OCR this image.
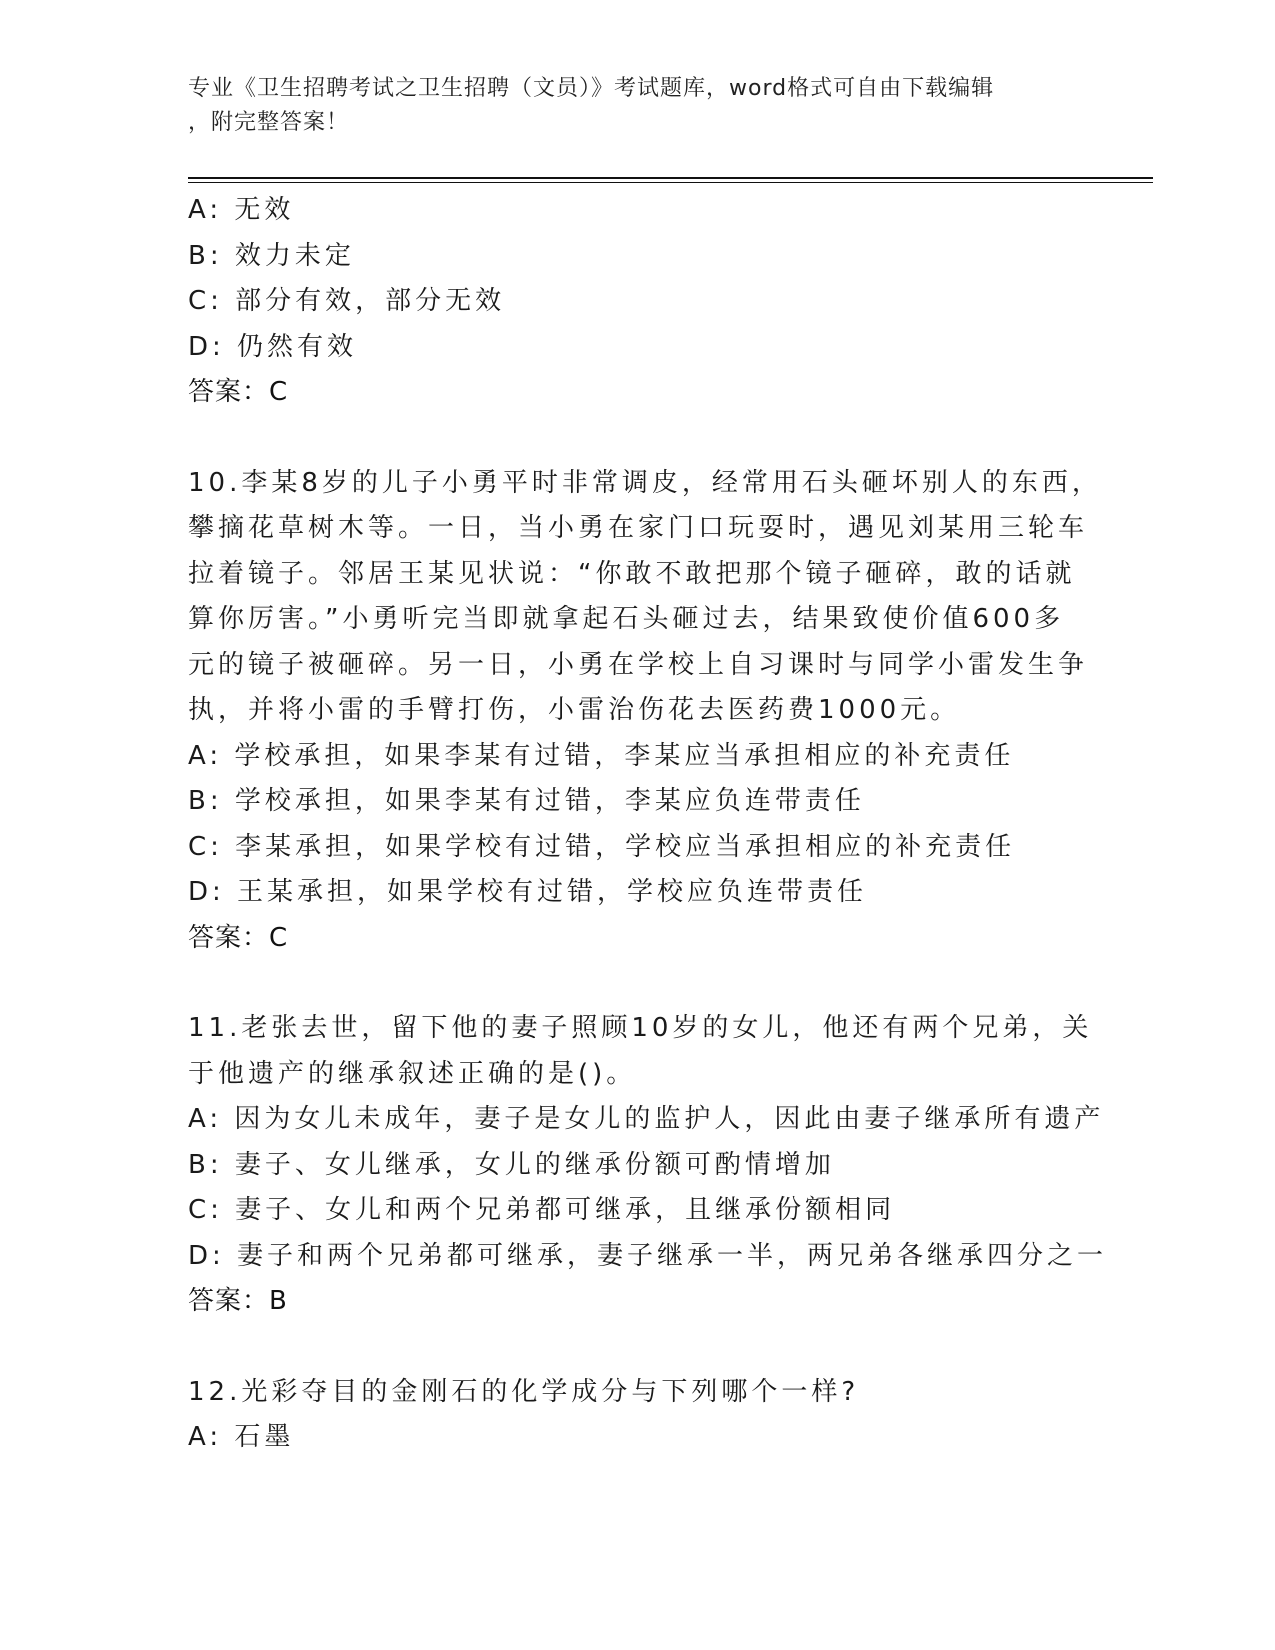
专业《卫生招聘考试之卫生招聘（文员）》考试题库，word格式可自由下载编辑
，附完整答案！
A: 无效
B: 效力未定
C: 部分有效，部分无效
D: 仍然有效
答案：C
10.李某8岁的儿子小勇平时非常调皮，经常用石头砸坏别人的东西，
攀摘花草树木等。一日，当小勇在家门口玩耍时，遇见刘某用三轮车
拉着镜子。邻居王某见状说：“你敢不敢把那个镜子砸碎，敢的话就
算你厉害。”小勇听完当即就拿起石头砸过去，结果致使价值600多
元的镜子被砸碎。另一日，小勇在学校上自习课时与同学小雷发生争
执，并将小雷的手臂打伤，小雷治伤花去医药费1000元。
A: 学校承担，如果李某有过错，李某应当承担相应的补充责任
B: 学校承担，如果李某有过错，李某应负连带责任
C: 李某承担，如果学校有过错，学校应当承担相应的补充责任
D: 王某承担，如果学校有过错，学校应负连带责任
答案：C
11.老张去世，留下他的妻子照顾10岁的女儿，他还有两个兄弟，关
于他遗产的继承叙述正确的是()。
A: 因为女儿未成年，妻子是女儿的监护人，因此由妻子继承所有遗产
B: 妻子、女儿继承，女儿的继承份额可酌情增加
C: 妻子、女儿和两个兄弟都可继承，且继承份额相同
D: 妻子和两个兄弟都可继承，妻子继承一半，两兄弟各继承四分之一
答案：B
12.光彩夺目的金刚石的化学成分与下列哪个一样?
A: 石墨
